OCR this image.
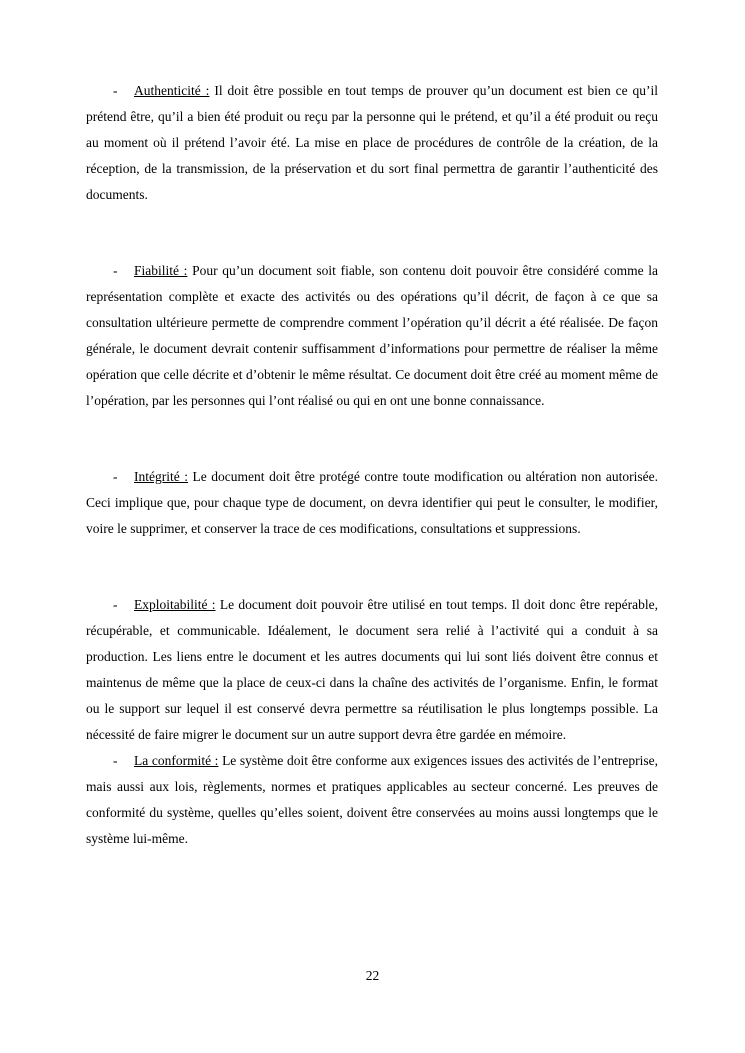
- Authenticité : Il doit être possible en tout temps de prouver qu’un document est bien ce qu’il prétend être, qu’il a bien été produit ou reçu par la personne qui le prétend, et qu’il a été produit ou reçu au moment où il prétend l’avoir été. La mise en place de procédures de contrôle de la création, de la réception, de la transmission, de la préservation et du sort final permettra de garantir l’authenticité des documents.
- Fiabilité : Pour qu’un document soit fiable, son contenu doit pouvoir être considéré comme la représentation complète et exacte des activités ou des opérations qu’il décrit, de façon à ce que sa consultation ultérieure permette de comprendre comment l’opération qu’il décrit a été réalisée. De façon générale, le document devrait contenir suffisamment d’informations pour permettre de réaliser la même opération que celle décrite et d’obtenir le même résultat. Ce document doit être créé au moment même de l’opération, par les personnes qui l’ont réalisé ou qui en ont une bonne connaissance.
- Intégrité : Le document doit être protégé contre toute modification ou altération non autorisée. Ceci implique que, pour chaque type de document, on devra identifier qui peut le consulter, le modifier, voire le supprimer, et conserver la trace de ces modifications, consultations et suppressions.
- Exploitabilité : Le document doit pouvoir être utilisé en tout temps. Il doit donc être repérable, récupérable, et communicable. Idéalement, le document sera relié à l’activité qui a conduit à sa production. Les liens entre le document et les autres documents qui lui sont liés doivent être connus et maintenus de même que la place de ceux-ci dans la chaîne des activités de l’organisme. Enfin, le format ou le support sur lequel il est conservé devra permettre sa réutilisation le plus longtemps possible. La nécessité de faire migrer le document sur un autre support devra être gardée en mémoire.
- La conformité : Le système doit être conforme aux exigences issues des activités de l’entreprise, mais aussi aux lois, règlements, normes et pratiques applicables au secteur concerné. Les preuves de conformité du système, quelles qu’elles soient, doivent être conservées au moins aussi longtemps que le système lui-même.
22
